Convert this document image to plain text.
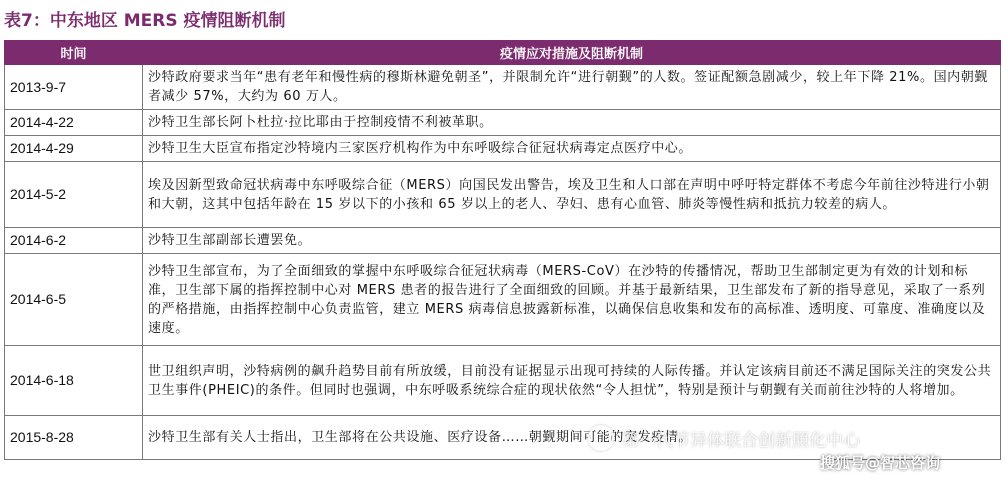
表7：中东地区 MERS 疫情阻断机制
时间	疫情应对措施及阻断机制
2013-9-7	沙特政府要求当年“患有老年和慢性病的穆斯林避免朝圣”，并限制允许“进行朝觐”的人数。签证配额急剧减少，较上年下降 21%。国内朝觐者减少 57%，大约为 60 万人。
2014-4-22	沙特卫生部长阿卜杜拉·拉比耶由于控制疫情不利被革职。
2014-4-29	沙特卫生大臣宣布指定沙特境内三家医疗机构作为中东呼吸综合征冠状病毒定点医疗中心。
2014-5-2	埃及因新型致命冠状病毒中东呼吸综合征（MERS）向国民发出警告，埃及卫生和人口部在声明中呼吁特定群体不考虑今年前往沙特进行小朝和大朝，这其中包括年龄在 15 岁以下的小孩和 65 岁以上的老人、孕妇、患有心血管、肺炎等慢性病和抵抗力较差的病人。
2014-6-2	沙特卫生部副部长遭罢免。
2014-6-5	沙特卫生部宣布，为了全面细致的掌握中东呼吸综合征冠状病毒（MERS-CoV）在沙特的传播情况，帮助卫生部制定更为有效的计划和标准，卫生部下属的指挥控制中心对 MERS 患者的报告进行了全面细致的回顾。并基于最新结果，卫生部发布了新的指导意见，采取了一系列的严格措施，由指挥控制中心负责监管，建立 MERS 病毒信息披露新标准，以确保信息收集和发布的高标准、透明度、可靠度、准确度以及速度。
2014-6-18	世卫组织声明，沙特病例的飙升趋势目前有所放缓，目前没有证据显示出现可持续的人际传播。并认定该病目前还不满足国际关注的突发公共卫生事件(PHEIC)的条件。但同时也强调，中东呼吸系统综合症的现状依然“令人担忧”，特别是预计与朝觐有关而前往沙特的人将增加。
2015-8-28	沙特卫生部有关人士指出，卫生部将在公共设施、医疗设备……朝觐期间可能的突发疫情。
第一代节异体联合创新照化中心
搜狐号@智芯咨询
